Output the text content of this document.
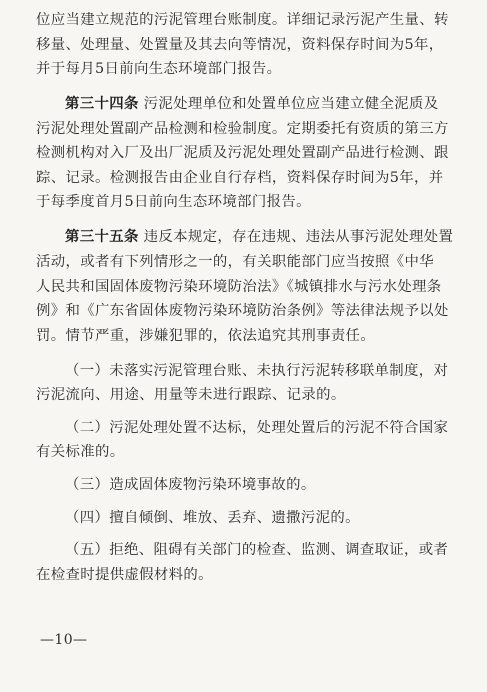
位应当建立规范的污泥管理台账制度。详细记录污泥产生量、转
移量、处理量、处置量及其去向等情况，资料保存时间为5年，
并于每月5日前向生态环境部门报告。
第三十四条 污泥处理单位和处置单位应当建立健全泥质及
污泥处理处置副产品检测和检验制度。定期委托有资质的第三方
检测机构对入厂及出厂泥质及污泥处理处置副产品进行检测、跟
踪、记录。检测报告由企业自行存档，资料保存时间为5年，并
于每季度首月5日前向生态环境部门报告。
第三十五条 违反本规定，存在违规、违法从事污泥处理处置
活动，或者有下列情形之一的，有关职能部门应当按照《中华
人民共和国固体废物污染环境防治法》《城镇排水与污水处理条
例》和《广东省固体废物污染环境防治条例》等法律法规予以处
罚。情节严重，涉嫌犯罪的，依法追究其刑事责任。
（一）未落实污泥管理台账、未执行污泥转移联单制度，对
污泥流向、用途、用量等未进行跟踪、记录的。
（二）污泥处理处置不达标，处理处置后的污泥不符合国家
有关标准的。
（三）造成固体废物污染环境事故的。
（四）擅自倾倒、堆放、丢弃、遗撒污泥的。
（五）拒绝、阻碍有关部门的检查、监测、调查取证，或者
在检查时提供虚假材料的。
—10—
